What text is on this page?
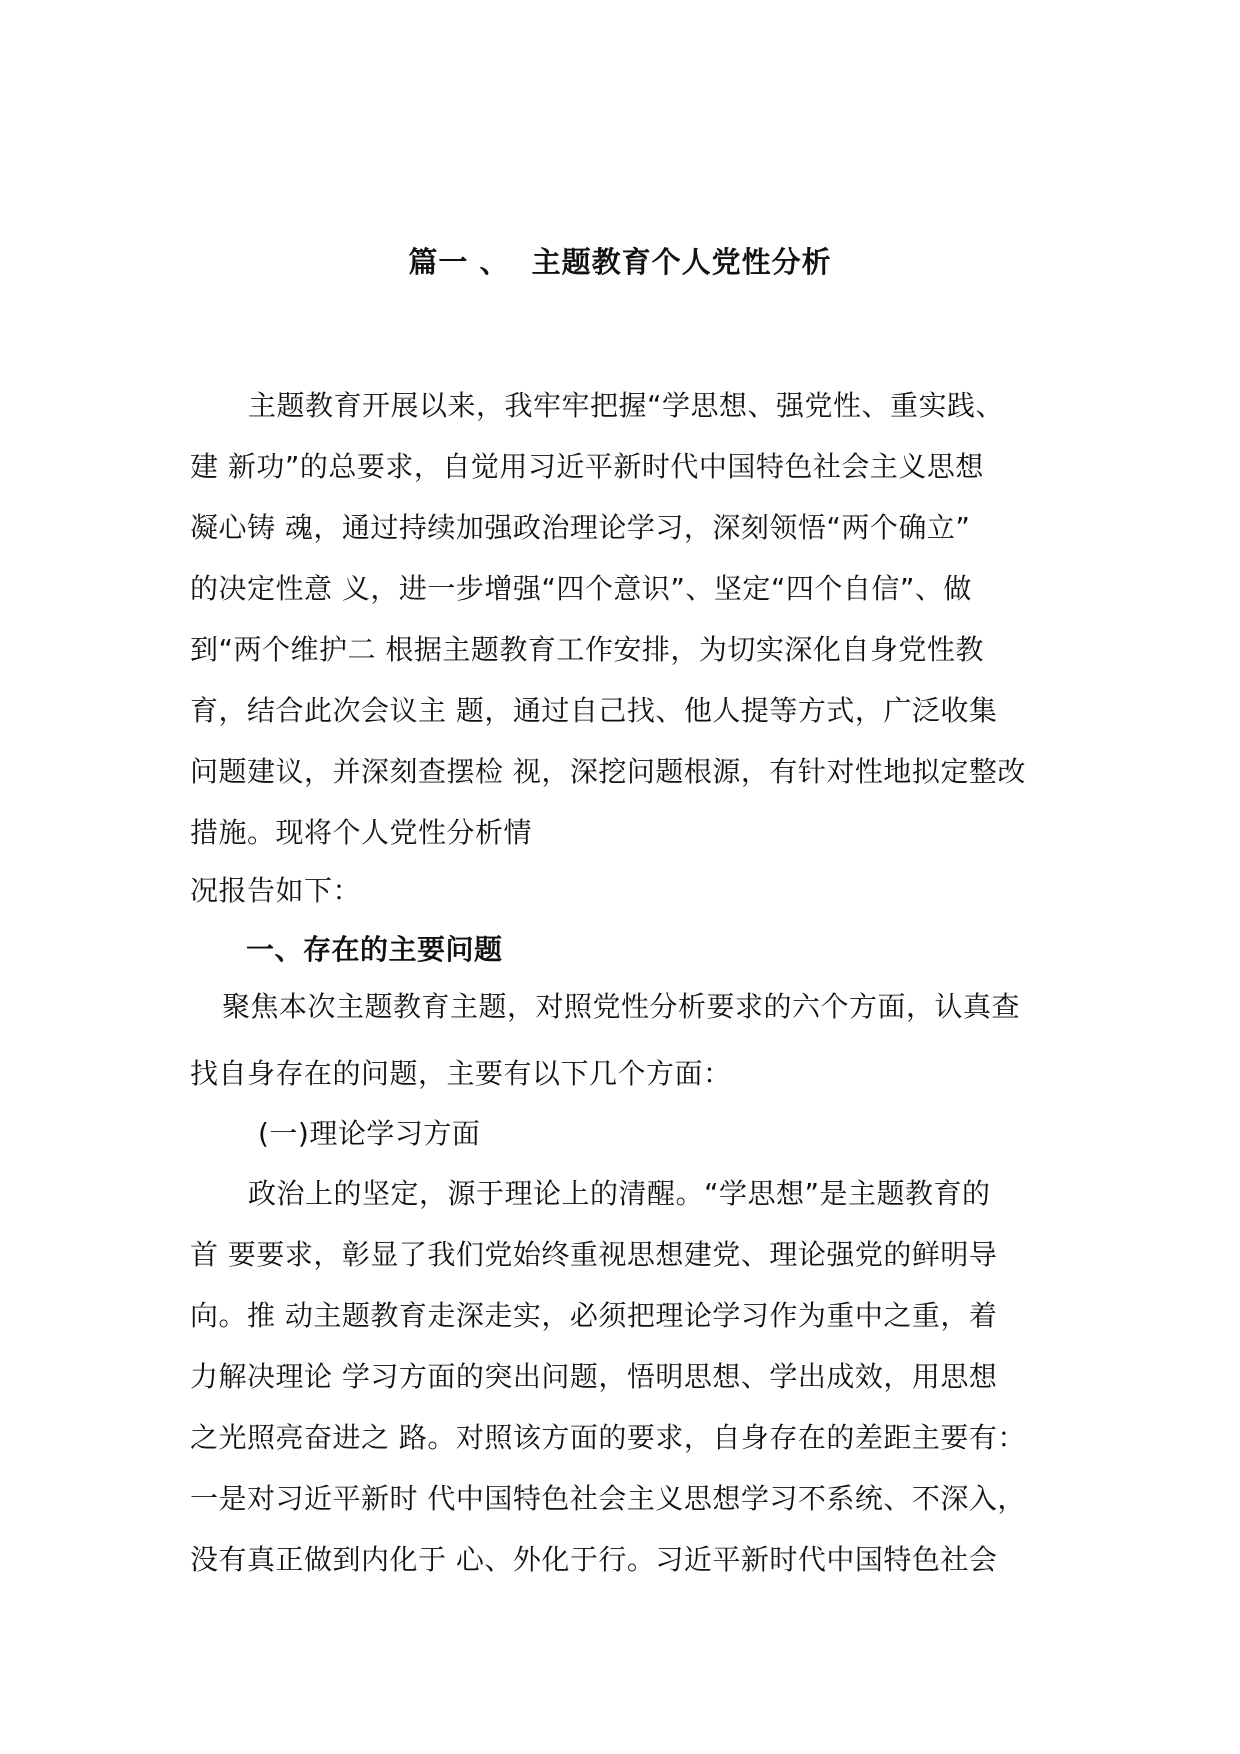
篇一 、  主题教育个人党性分析
主题教育开展以来，我牢牢把握“学思想、强党性、重实践、
建 新功”的总要求，自觉用习近平新时代中国特色社会主义思想
凝心铸 魂，通过持续加强政治理论学习，深刻领悟“两个确立”
的决定性意 义，进一步增强“四个意识”、坚定“四个自信”、做
到“两个维护二 根据主题教育工作安排，为切实深化自身党性教
育，结合此次会议主 题，通过自己找、他人提等方式，广泛收集
问题建议，并深刻查摆检 视，深挖问题根源，有针对性地拟定整改
措施。现将个人党性分析情
况报告如下：
一、存在的主要问题
聚焦本次主题教育主题，对照党性分析要求的六个方面，认真查
找自身存在的问题，主要有以下几个方面：
(一)理论学习方面
政治上的坚定，源于理论上的清醒。“学思想”是主题教育的
首 要要求，彰显了我们党始终重视思想建党、理论强党的鲜明导
向。推 动主题教育走深走实，必须把理论学习作为重中之重，着
力解决理论 学习方面的突出问题，悟明思想、学出成效，用思想
之光照亮奋进之 路。对照该方面的要求，自身存在的差距主要有：
一是对习近平新时 代中国特色社会主义思想学习不系统、不深入，
没有真正做到内化于 心、外化于行。习近平新时代中国特色社会
